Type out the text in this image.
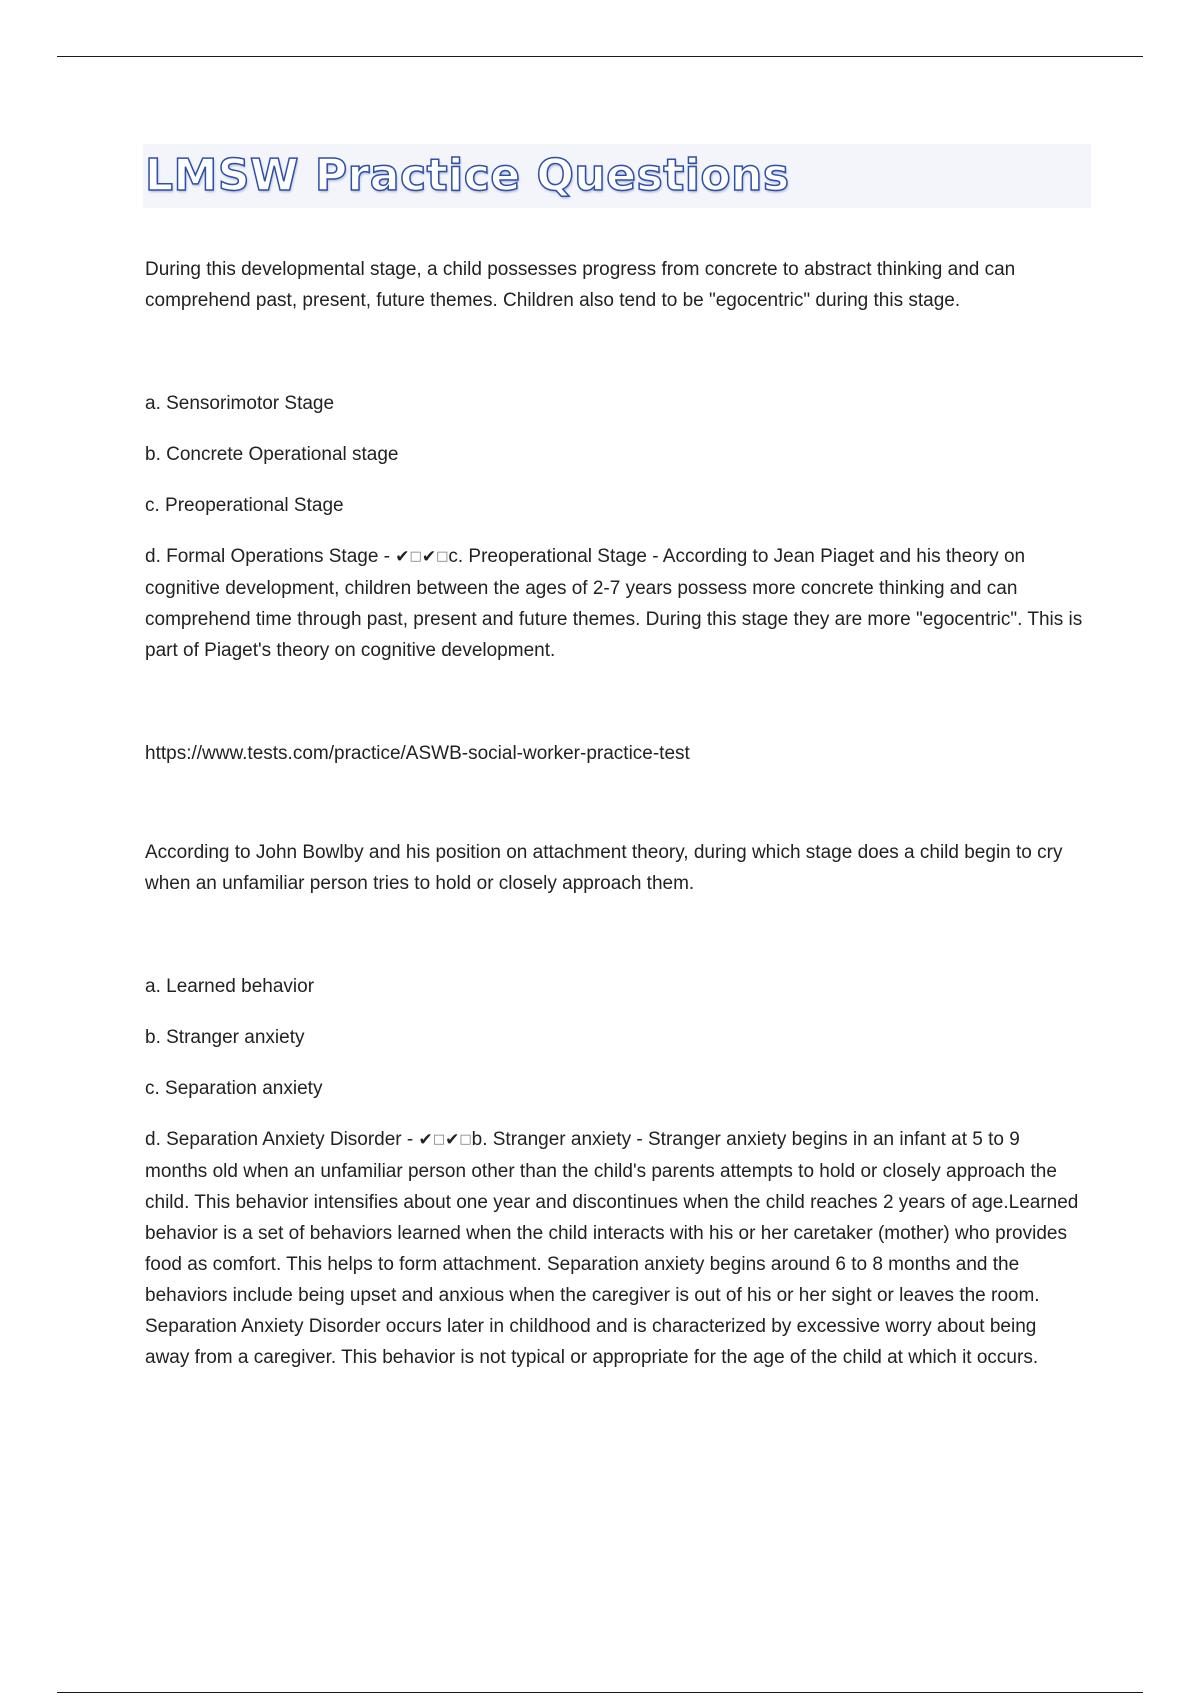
LMSW Practice Questions

During this developmental stage, a child possesses progress from concrete to abstract thinking and can comprehend past, present, future themes. Children also tend to be "egocentric" during this stage.

a. Sensorimotor Stage

b. Concrete Operational stage

c. Preoperational Stage

d. Formal Operations Stage - ✔□✔□c. Preoperational Stage - According to Jean Piaget and his theory on cognitive development, children between the ages of 2-7 years possess more concrete thinking and can comprehend time through past, present and future themes. During this stage they are more "egocentric". This is part of Piaget's theory on cognitive development.

https://www.tests.com/practice/ASWB-social-worker-practice-test

According to John Bowlby and his position on attachment theory, during which stage does a child begin to cry when an unfamiliar person tries to hold or closely approach them.

a. Learned behavior

b. Stranger anxiety

c. Separation anxiety

d. Separation Anxiety Disorder - ✔□✔□b. Stranger anxiety - Stranger anxiety begins in an infant at 5 to 9 months old when an unfamiliar person other than the child's parents attempts to hold or closely approach the child. This behavior intensifies about one year and discontinues when the child reaches 2 years of age.Learned behavior is a set of behaviors learned when the child interacts with his or her caretaker (mother) who provides food as comfort. This helps to form attachment. Separation anxiety begins around 6 to 8 months and the behaviors include being upset and anxious when the caregiver is out of his or her sight or leaves the room. Separation Anxiety Disorder occurs later in childhood and is characterized by excessive worry about being away from a caregiver. This behavior is not typical or appropriate for the age of the child at which it occurs.
